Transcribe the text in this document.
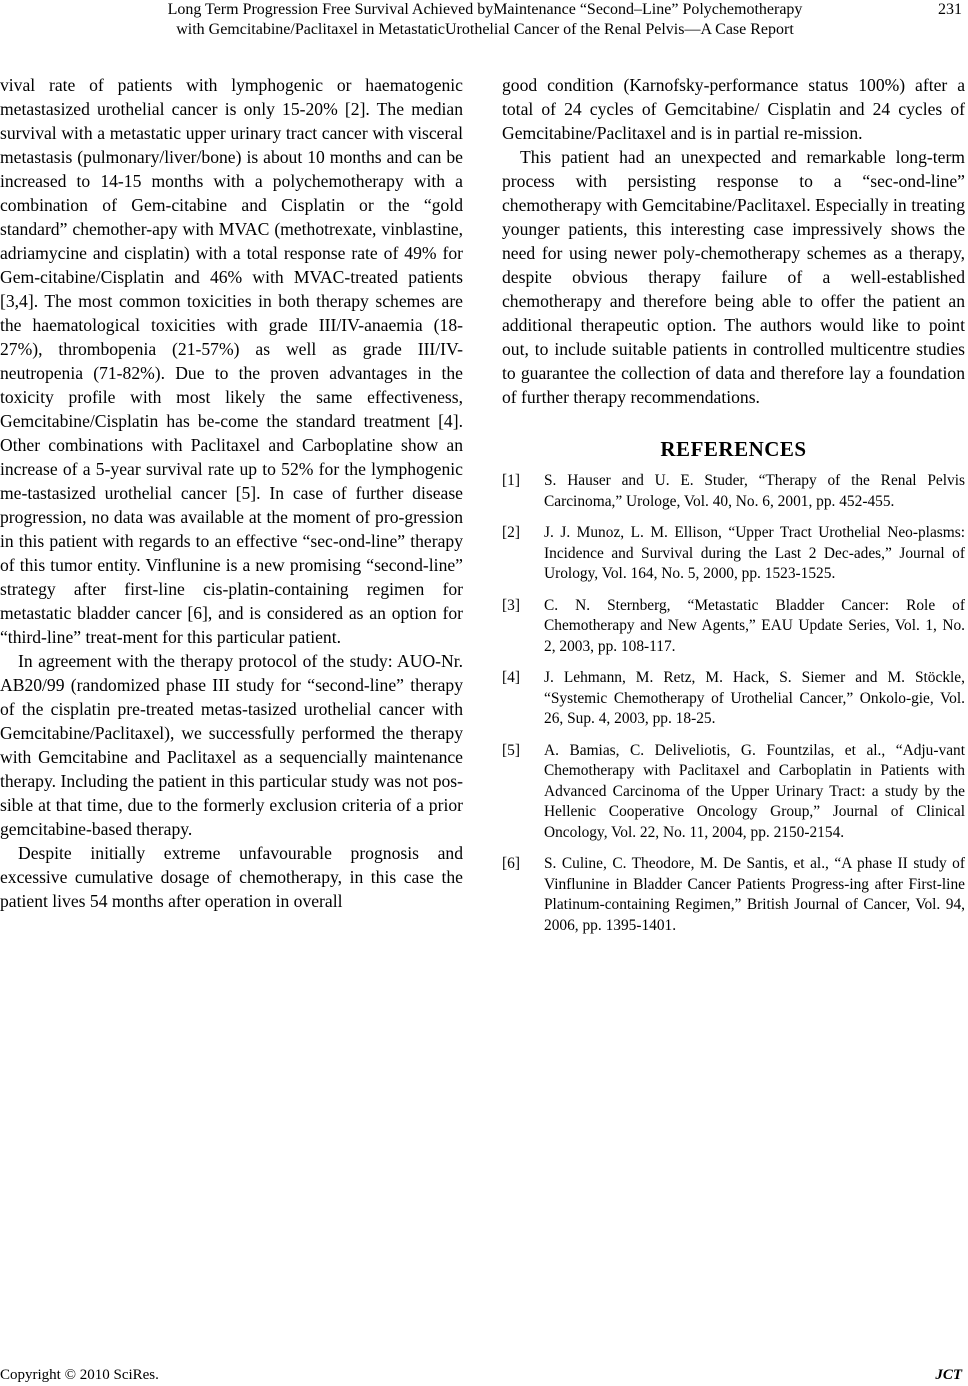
Long Term Progression Free Survival Achieved byMaintenance “Second–Line” Polychemotherapy
with Gemcitabine/Paclitaxel in MetastaticUrothelial Cancer of the Renal Pelvis—A Case Report
231

vival rate of patients with lymphogenic or haematogenic metastasized urothelial cancer is only 15-20% [2]. The median survival with a metastatic upper urinary tract cancer with visceral metastasis (pulmonary/liver/bone) is about 10 months and can be increased to 14-15 months with a polychemotherapy with a combination of Gem-citabine and Cisplatin or the “gold standard” chemother-apy with MVAC (methotrexate, vinblastine, adriamycine and cisplatin) with a total response rate of 49% for Gem-citabine/Cisplatin and 46% with MVAC-treated patients [3,4]. The most common toxicities in both therapy schemes are the haematological toxicities with grade III/IV-anaemia (18-27%), thrombopenia (21-57%) as well as grade III/IV-neutropenia (71-82%). Due to the proven advantages in the toxicity profile with most likely the same effectiveness, Gemcitabine/Cisplatin has be-come the standard treatment [4]. Other combinations with Paclitaxel and Carboplatine show an increase of a 5-year survival rate up to 52% for the lymphogenic me-tastasized urothelial cancer [5]. In case of further disease progression, no data was available at the moment of pro-gression in this patient with regards to an effective “sec-ond-line” therapy of this tumor entity. Vinflunine is a new promising “second-line” strategy after first-line cis-platin-containing regimen for metastatic bladder cancer [6], and is considered as an option for “third-line” treat-ment for this particular patient.

In agreement with the therapy protocol of the study: AUO-Nr. AB20/99 (randomized phase III study for “second-line” therapy of the cisplatin pre-treated metas-tasized urothelial cancer with Gemcitabine/Paclitaxel), we successfully performed the therapy with Gemcitabine and Paclitaxel as a sequencially maintenance therapy. Including the patient in this particular study was not pos-sible at that time, due to the formerly exclusion criteria of a prior gemcitabine-based therapy.

Despite initially extreme unfavourable prognosis and excessive cumulative dosage of chemotherapy, in this case the patient lives 54 months after operation in overall

good condition (Karnofsky-performance status 100%) after a total of 24 cycles of Gemcitabine/ Cisplatin and 24 cycles of Gemcitabine/Paclitaxel and is in partial re-mission.

This patient had an unexpected and remarkable long-term process with persisting response to a “sec-ond-line” chemotherapy with Gemcitabine/Paclitaxel. Especially in treating younger patients, this interesting case impressively shows the need for using newer poly-chemotherapy schemes as a therapy, despite obvious therapy failure of a well-established chemotherapy and therefore being able to offer the patient an additional therapeutic option. The authors would like to point out, to include suitable patients in controlled multicentre studies to guarantee the collection of data and therefore lay a foundation of further therapy recommendations.

REFERENCES
[1]	S. Hauser and U. E. Studer, “Therapy of the Renal Pelvis Carcinoma,” Urologe, Vol. 40, No. 6, 2001, pp. 452-455.
[2]	J. J. Munoz, L. M. Ellison, “Upper Tract Urothelial Neo-plasms: Incidence and Survival during the Last 2 Dec-ades,” Journal of Urology, Vol. 164, No. 5, 2000, pp. 1523-1525.
[3]	C. N. Sternberg, “Metastatic Bladder Cancer: Role of Chemotherapy and New Agents,” EAU Update Series, Vol. 1, No. 2, 2003, pp. 108-117.
[4]	J. Lehmann, M. Retz, M. Hack, S. Siemer and M. Stöckle, “Systemic Chemotherapy of Urothelial Cancer,” Onkolo-gie, Vol. 26, Sup. 4, 2003, pp. 18-25.
[5]	A. Bamias, C. Deliveliotis, G. Fountzilas, et al., “Adju-vant Chemotherapy with Paclitaxel and Carboplatin in Patients with Advanced Carcinoma of the Upper Urinary Tract: a study by the Hellenic Cooperative Oncology Group,” Journal of Clinical Oncology, Vol. 22, No. 11, 2004, pp. 2150-2154.
[6]	S. Culine, C. Theodore, M. De Santis, et al., “A phase II study of Vinflunine in Bladder Cancer Patients Progress-ing after First-line Platinum-containing Regimen,” British Journal of Cancer, Vol. 94, 2006, pp. 1395-1401.
Copyright © 2010 SciRes.	JCT
